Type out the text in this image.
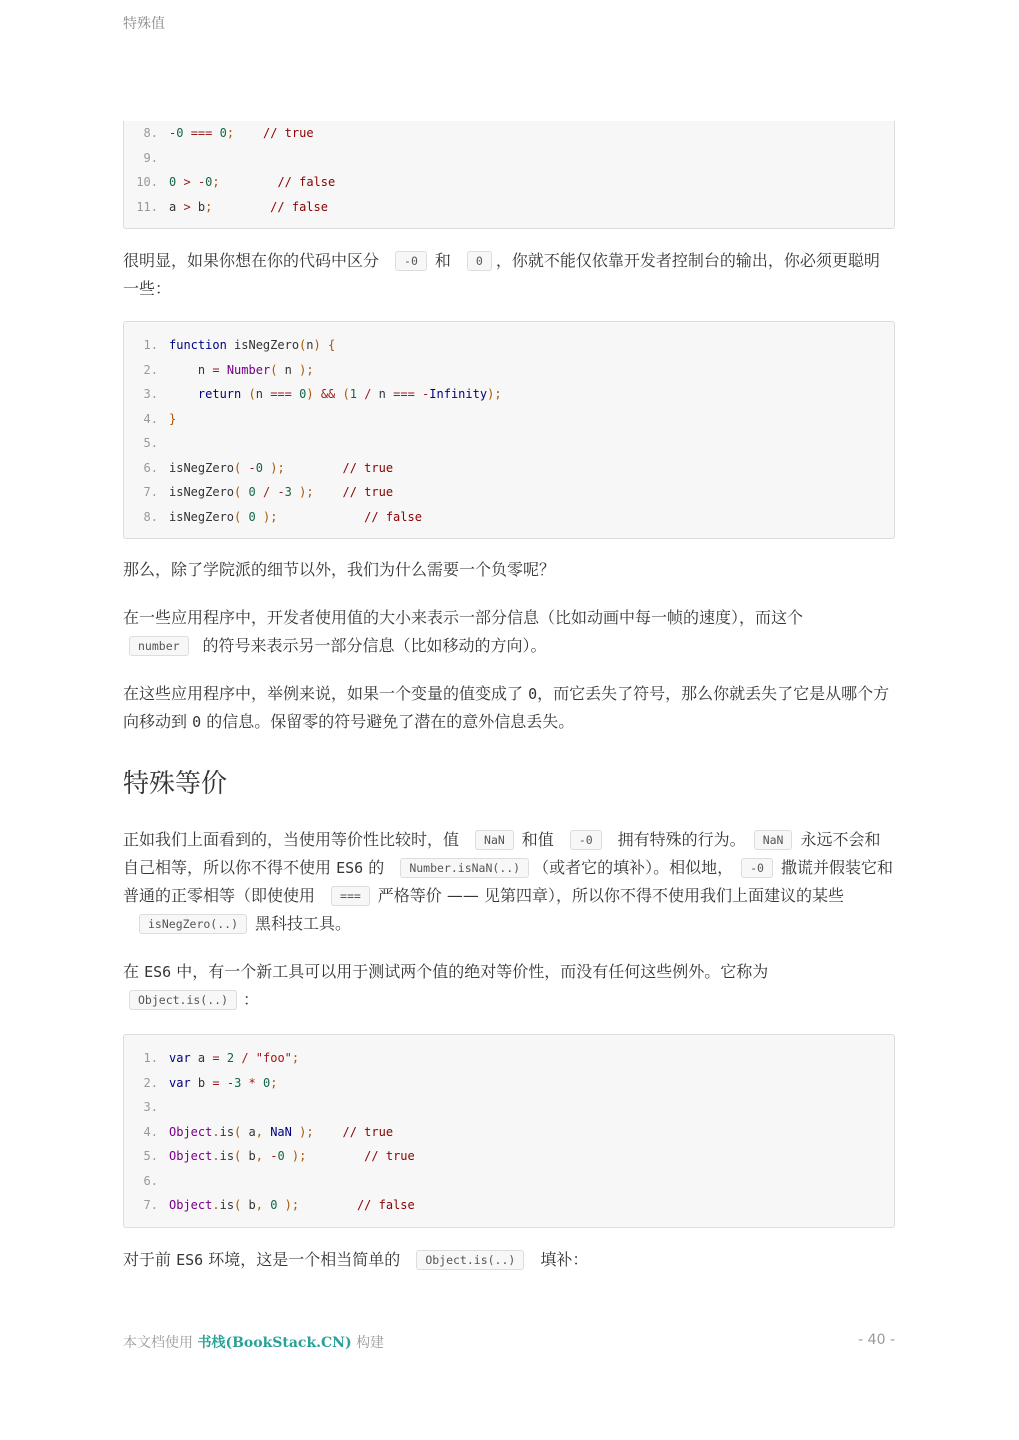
特殊值
8. -0 === 0; // true
9.
10. 0 > -0;	// false
11. a > b;	// false

很明显，如果你想在你的代码中区分 -0 和 0 ，你就不能仅依靠开发者控制台的输出，你必须更聪明一些：

1. function isNegZero(n) {
2.    n = Number( n );
3.	return (n === 0) && (1 / n === -Infinity);
4. }
5.
6. isNegZero( -0 );	// true
7. isNegZero( 0 / -3 ); // true
8. isNegZero( 0 );	// false

那么，除了学院派的细节以外，我们为什么需要一个负零呢？

在一些应用程序中，开发者使用值的大小来表示一部分信息（比如动画中每一帧的速度），而这个
number 的符号来表示另一部分信息（比如移动的方向）。

在这些应用程序中，举例来说，如果一个变量的值变成了 0，而它丢失了符号，那么你就丢失了它是从哪个方向移动到 0 的信息。保留零的符号避免了潜在的意外信息丢失。

特殊等价

正如我们上面看到的，当使用等价性比较时，值 NaN 和值 -0 拥有特殊的行为。 NaN 永远不会和自己相等，所以你不得不使用 ES6 的 Number.isNaN(..) （或者它的填补）。相似地， -0 撒谎并假装它和普通的正零相等（即使使用 === 严格等价 —— 见第四章），所以你不得不使用我们上面建议的某些isNegZero(..) 黑科技工具。

在 ES6 中，有一个新工具可以用于测试两个值的绝对等价性，而没有任何这些例外。它称为
Object.is(..) ：

1. var a = 2 / "foo";
2. var b = -3 * 0;
3.
4. Object.is( a, NaN ); // true
5. Object.is( b, -0 );	// true
6.
7. Object.is( b, 0 );	// false

对于前 ES6 环境，这是一个相当简单的 Object.is(..) 填补：

本文档使用 书栈(BookStack.CN) 构建	- 40 -
